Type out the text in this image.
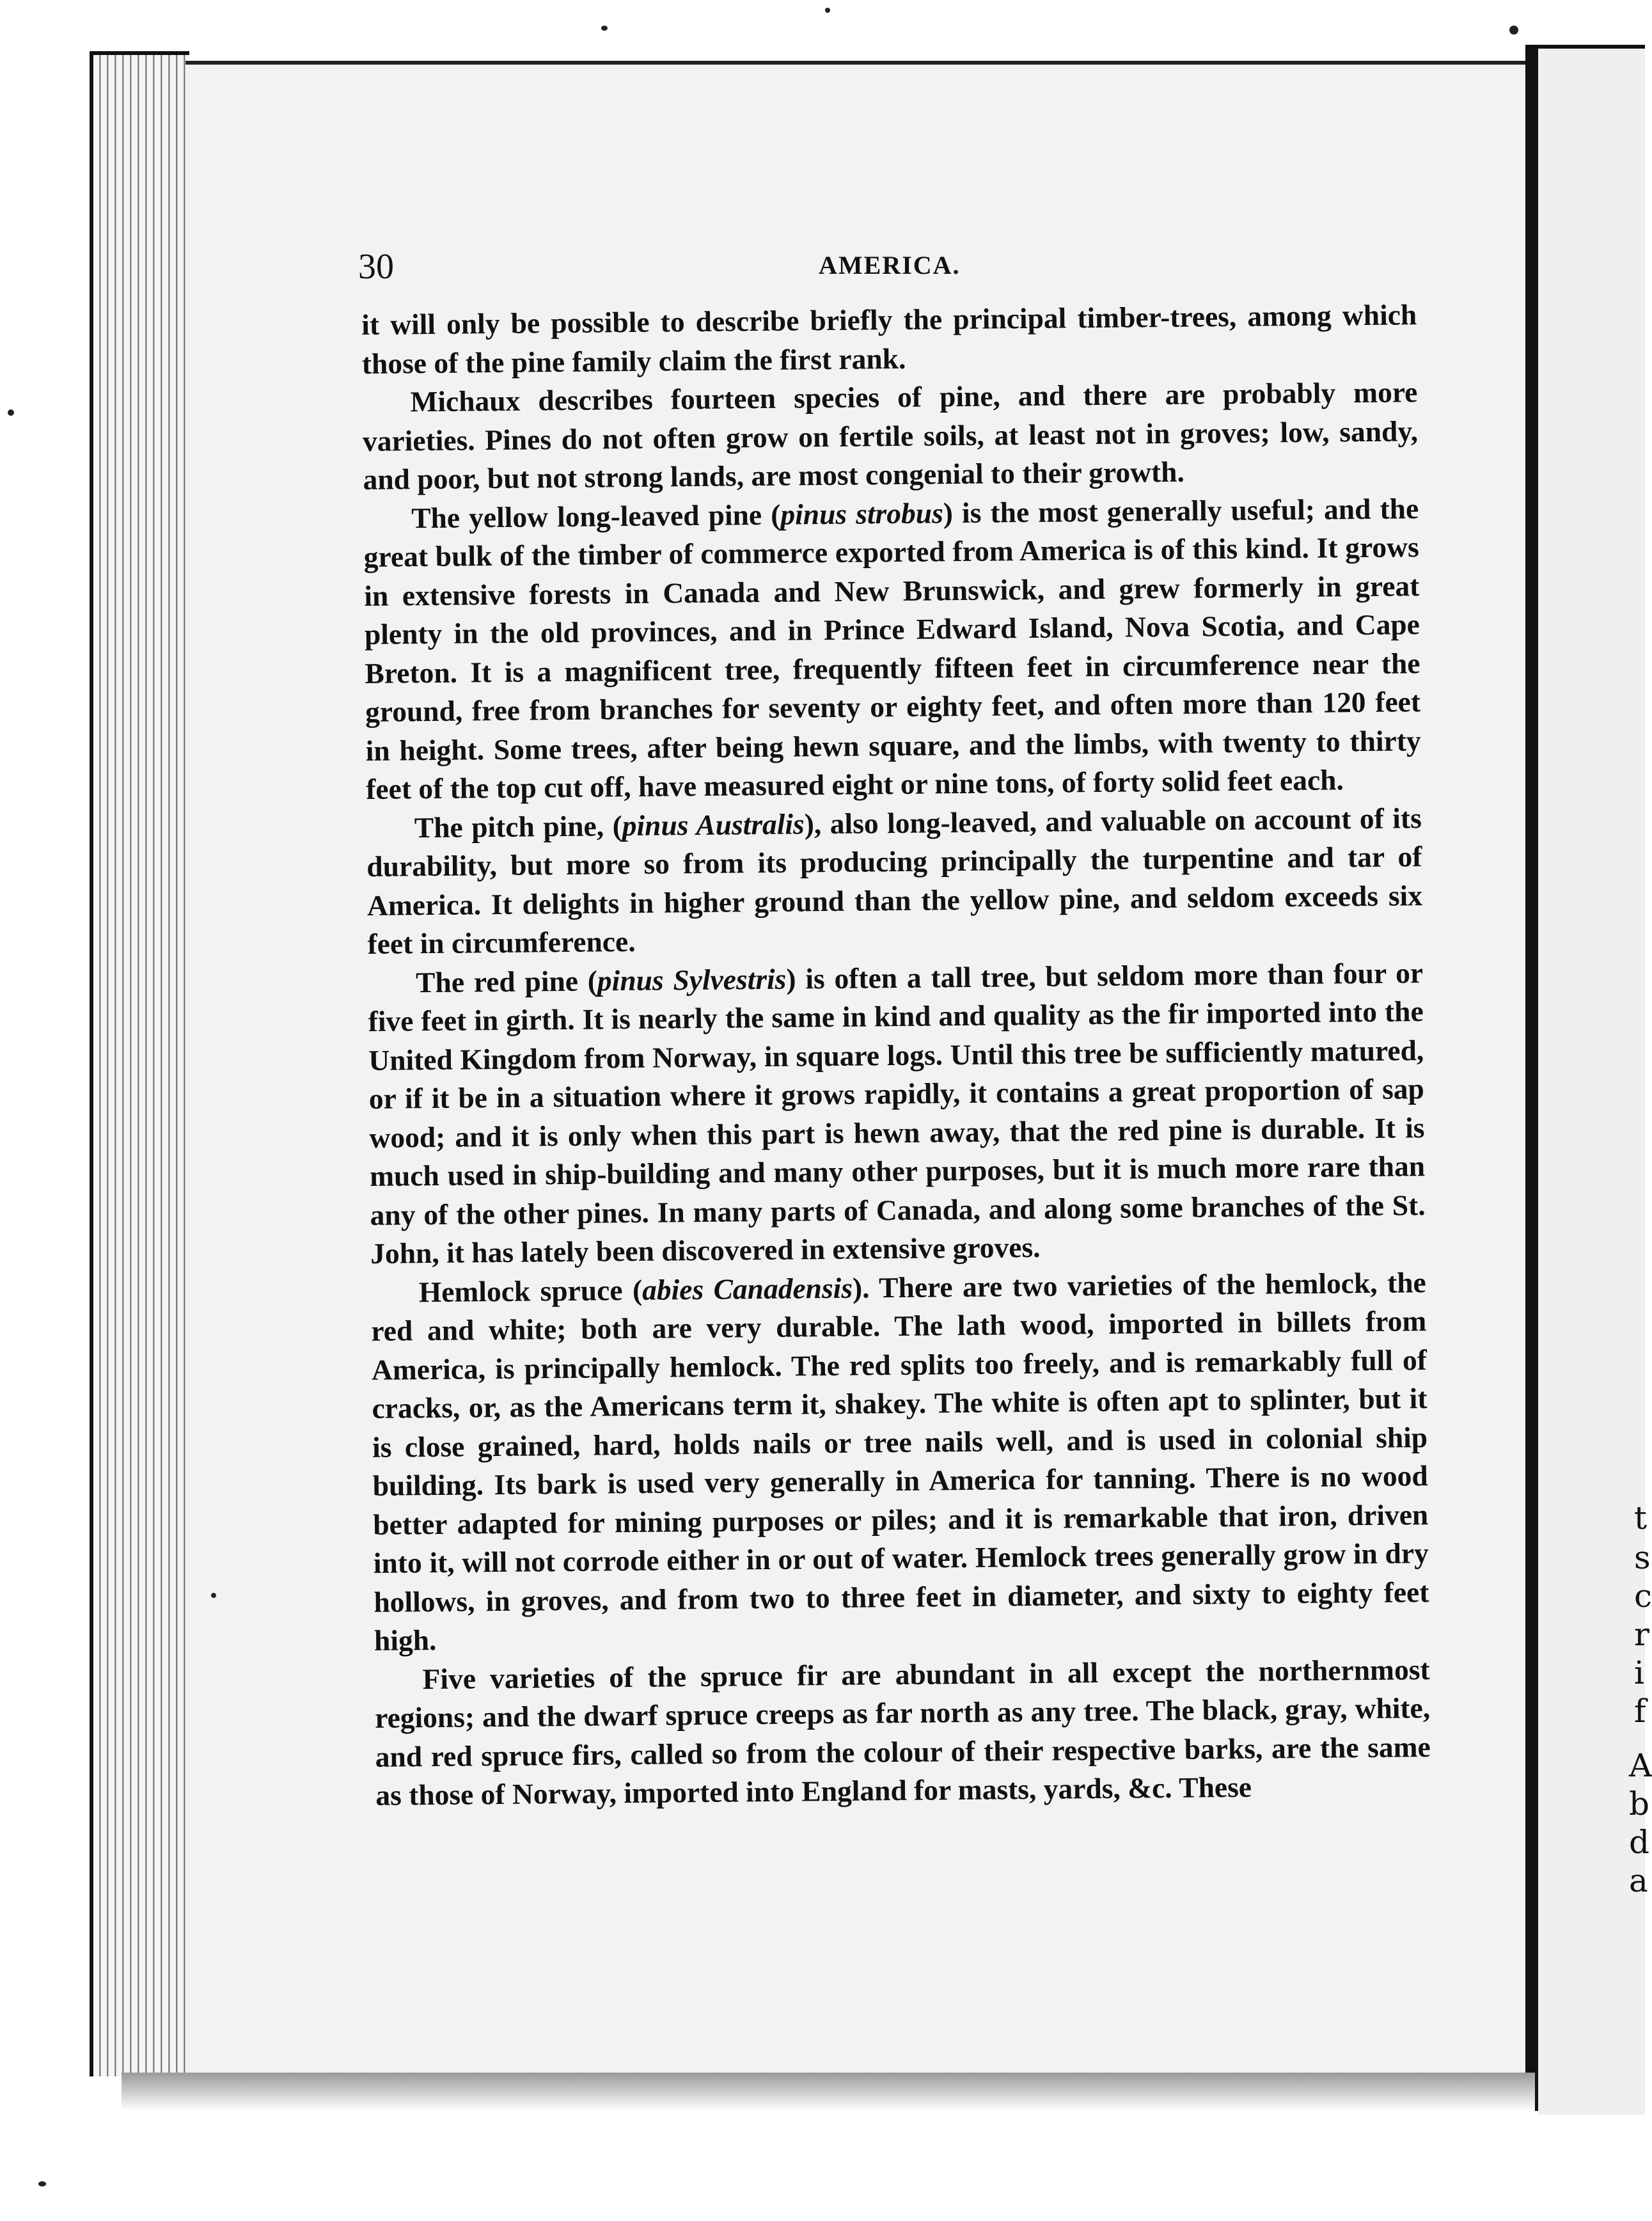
t
s
c
r
i
f
A
b
d
a
30	AMERICA.

it will only be possible to describe briefly the principal timber-trees, among which those of the pine family claim the first rank.

Michaux describes fourteen species of pine, and there are probably more varieties. Pines do not often grow on fertile soils, at least not in groves; low, sandy, and poor, but not strong lands, are most congenial to their growth.

The yellow long-leaved pine (pinus strobus) is the most generally useful; and the great bulk of the timber of commerce exported from America is of this kind. It grows in extensive forests in Canada and New Brunswick, and grew formerly in great plenty in the old provinces, and in Prince Edward Island, Nova Scotia, and Cape Breton. It is a magnificent tree, frequently fifteen feet in circumference near the ground, free from branches for seventy or eighty feet, and often more than 120 feet in height. Some trees, after being hewn square, and the limbs, with twenty to thirty feet of the top cut off, have measured eight or nine tons, of forty solid feet each.

The pitch pine, (pinus Australis), also long-leaved, and valuable on account of its durability, but more so from its producing principally the turpentine and tar of America. It delights in higher ground than the yellow pine, and seldom exceeds six feet in circumference.

The red pine (pinus Sylvestris) is often a tall tree, but seldom more than four or five feet in girth. It is nearly the same in kind and quality as the fir imported into the United Kingdom from Norway, in square logs. Until this tree be sufficiently matured, or if it be in a situation where it grows rapidly, it contains a great proportion of sap wood; and it is only when this part is hewn away, that the red pine is durable. It is much used in ship-building and many other purposes, but it is much more rare than any of the other pines. In many parts of Canada, and along some branches of the St. John, it has lately been discovered in extensive groves.

Hemlock spruce (abies Canadensis). There are two varieties of the hemlock, the red and white; both are very durable. The lath wood, imported in billets from America, is principally hemlock. The red splits too freely, and is remarkably full of cracks, or, as the Americans term it, shakey. The white is often apt to splinter, but it is close grained, hard, holds nails or tree nails well, and is used in colonial ship building. Its bark is used very generally in America for tanning. There is no wood better adapted for mining purposes or piles; and it is remarkable that iron, driven into it, will not corrode either in or out of water. Hemlock trees generally grow in dry hollows, in groves, and from two to three feet in diameter, and sixty to eighty feet high.

Five varieties of the spruce fir are abundant in all except the northernmost regions; and the dwarf spruce creeps as far north as any tree. The black, gray, white, and red spruce firs, called so from the colour of their respective barks, are the same as those of Norway, imported into England for masts, yards, &c. These
